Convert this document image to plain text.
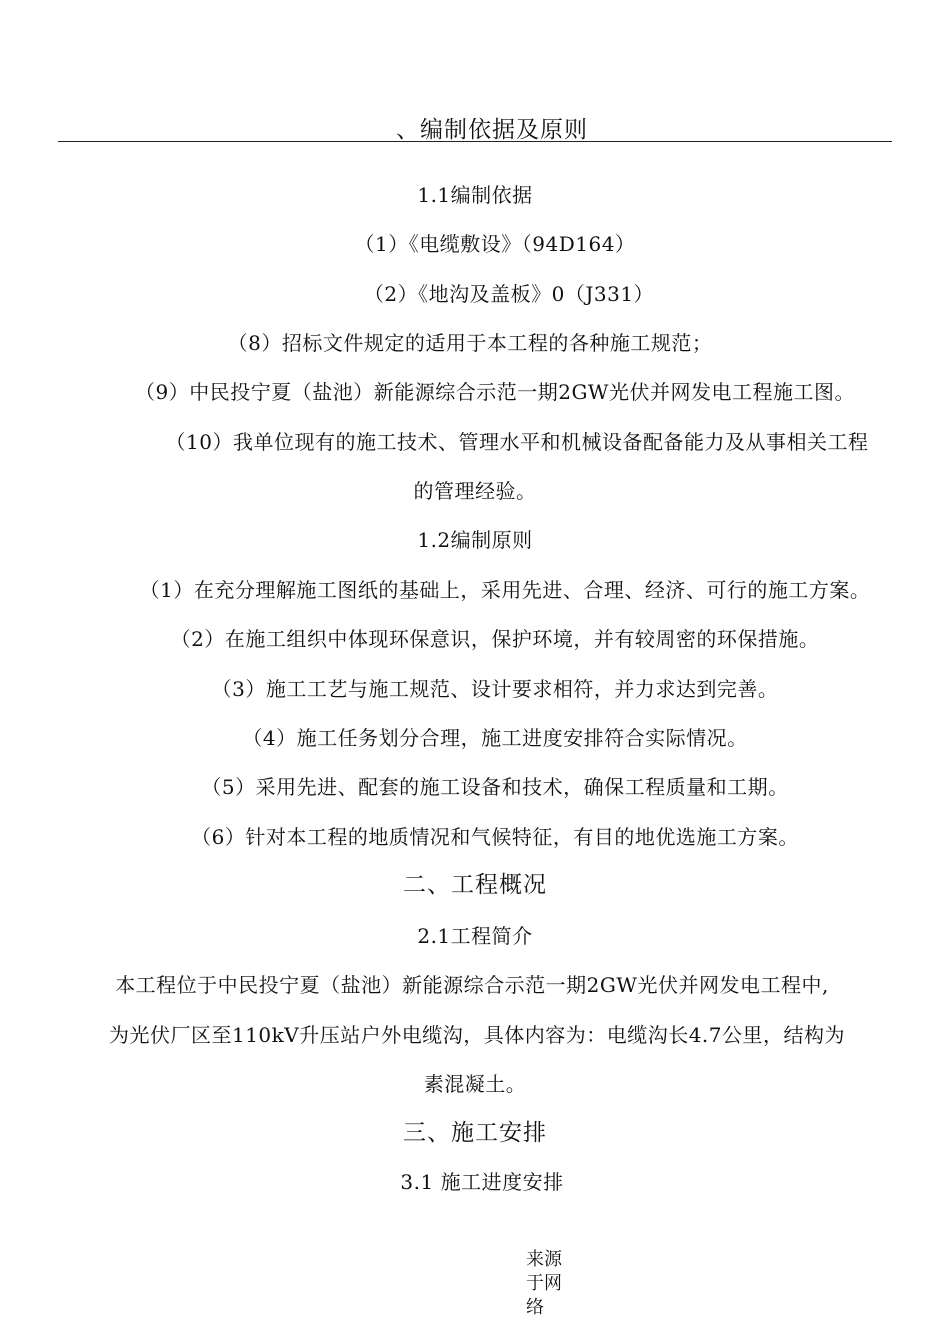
、编制依据及原则
1.1编制依据
（1）《电缆敷设》（94D164）
（2）《地沟及盖板》0（J331）
（8）招标文件规定的适用于本工程的各种施工规范；
（9）中民投宁夏（盐池）新能源综合示范一期2GW光伏并网发电工程施工图。
（10）我单位现有的施工技术、管理水平和机械设备配备能力及从事相关工程
的管理经验。
1.2编制原则
（1）在充分理解施工图纸的基础上，采用先进、合理、经济、可行的施工方案。
（2）在施工组织中体现环保意识，保护环境，并有较周密的环保措施。
（3）施工工艺与施工规范、设计要求相符，并力求达到完善。
（4）施工任务划分合理，施工进度安排符合实际情况。
（5）采用先进、配套的施工设备和技术，确保工程质量和工期。
（6）针对本工程的地质情况和气候特征，有目的地优选施工方案。
二、工程概况
2.1工程简介
本工程位于中民投宁夏（盐池）新能源综合示范一期2GW光伏并网发电工程中,
为光伏厂区至110kV升压站户外电缆沟，具体内容为：电缆沟长4.7公里，结构为
素混凝土。
三、施工安排
3.1 施工进度安排
来源于网络
